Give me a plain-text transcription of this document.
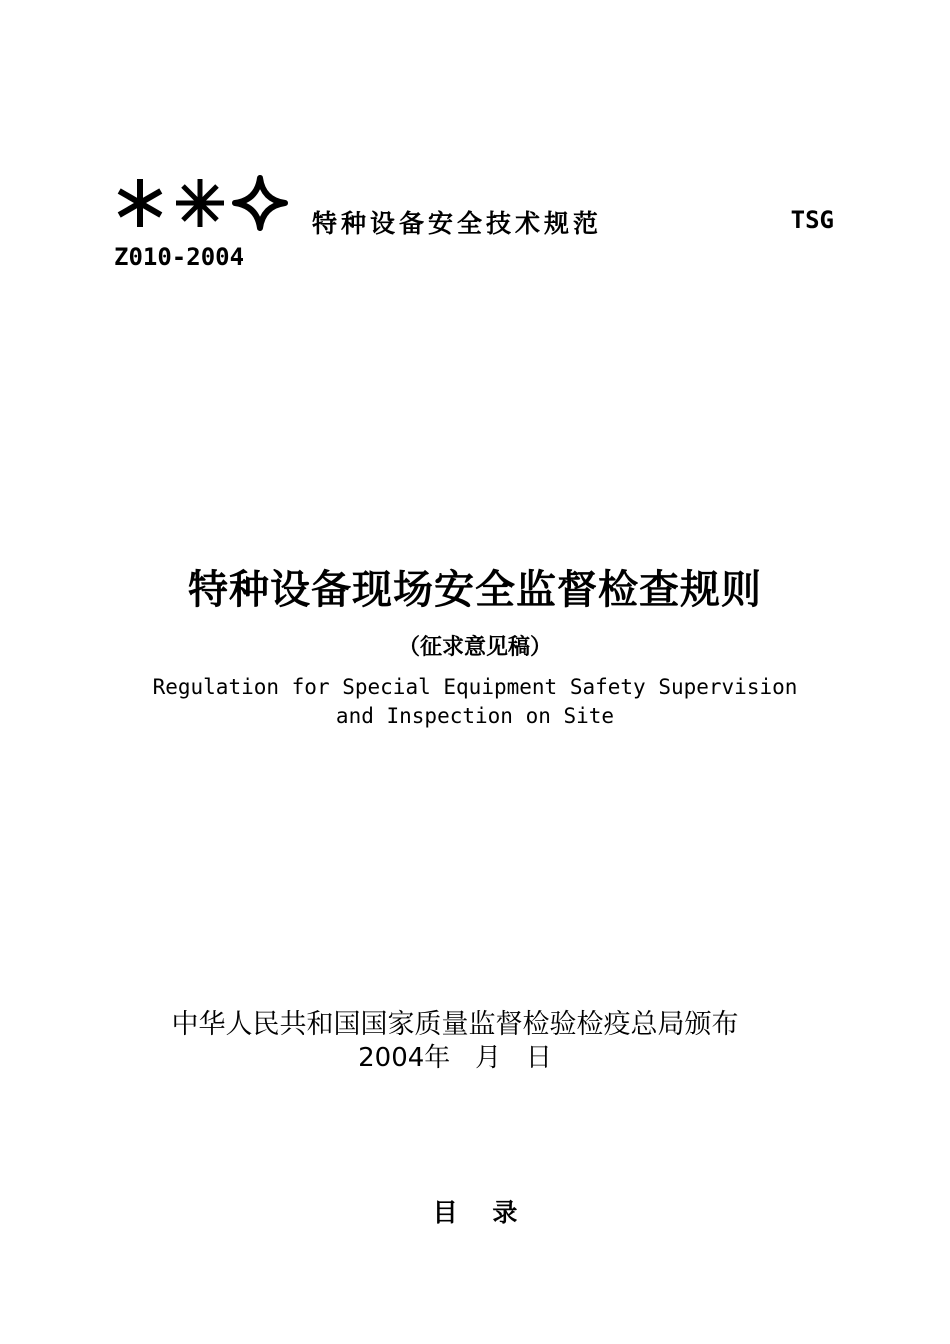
特种设备安全技术规范	TSG
Z010-2004
特种设备现场安全监督检查规则
（征求意见稿）
Regulation for Special Equipment Safety Supervision
and Inspection on Site
中华人民共和国国家质量监督检验检疫总局颁布
2004年   月   日
目    录
